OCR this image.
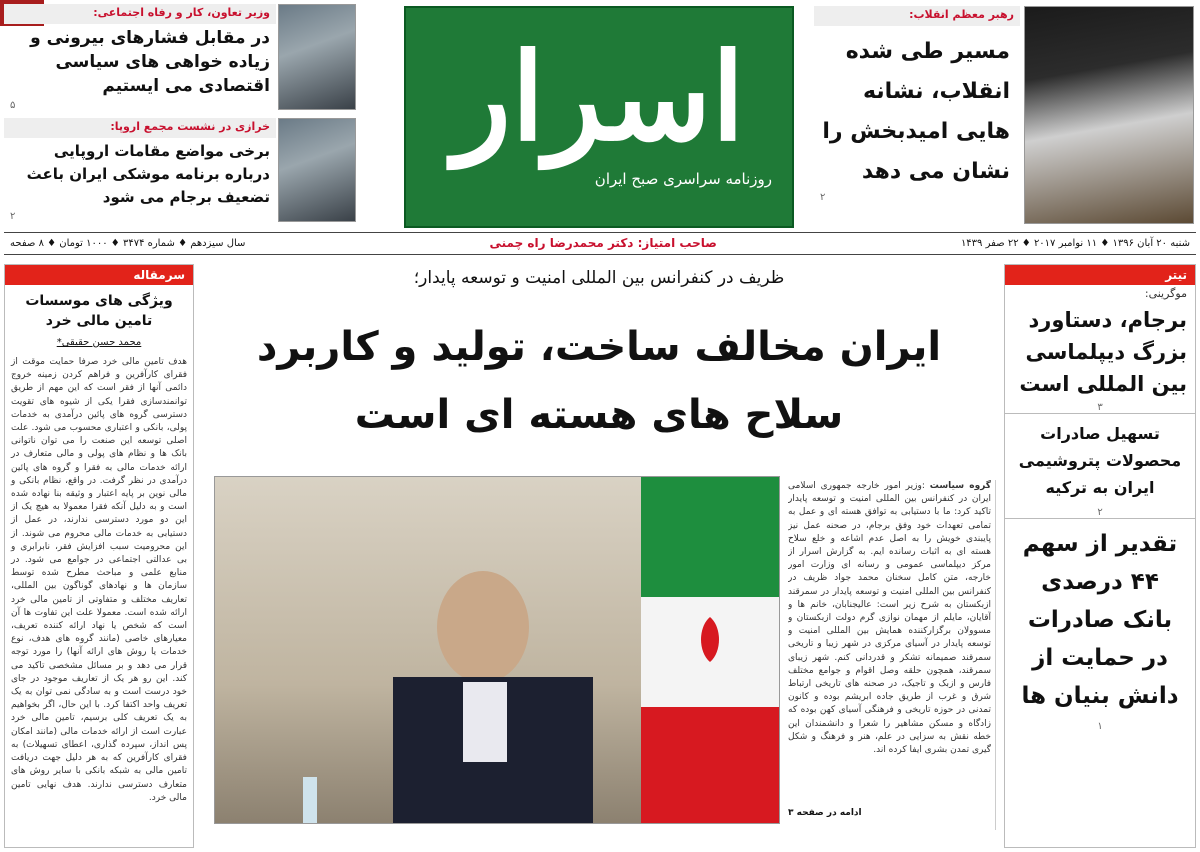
وزیر تعاون، کار و رفاه اجتماعی:
در مقابل فشارهای بیرونی و زیاده خواهی های سیاسی اقتصادی می ایستیم
۵
خرازی در نشست مجمع اروپا:
برخی مواضع مقامات اروپایی درباره برنامه موشکی ایران باعث تضعیف برجام می شود
۲
اسرار
روزنامه سراسری صبح ایران
رهبر معظم انقلاب:
مسیر طی شده انقلاب، نشانه هایی امیدبخش را نشان می دهد
۲
شنبه ۲۰ آبان ۱۳۹۶ ♦ ۱۱ نوامبر ۲۰۱۷ ♦ ۲۲ صفر ۱۴۳۹
صاحب امتیاز: دکتر محمدرضا راه چمنی
سال سیزدهم ♦ شماره ۳۴۷۴ ♦ ۱۰۰۰ تومان ♦ ۸ صفحه
تیتر
موگرینی:
برجام، دستاورد بزرگ دیپلماسی بین المللی است
۳
تسهیل صادرات محصولات پتروشیمی ایران به ترکیه
۲
تقدیر از سهم ۴۴ درصدی بانک صادرات در حمایت از دانش بنیان ها
۱
سرمقاله
ویژگی های موسسات تامین مالی خرد
محمد حسن حقیقی*
هدف تامین مالی خرد صرفا حمایت موقت از فقرای کارآفرین و فراهم کردن زمینه خروج دائمی آنها از فقر است که این مهم از طریق توانمندسازی فقرا یکی از شیوه های تقویت دسترسی گروه های پائین درآمدی به خدمات پولی، بانکی و اعتباری محسوب می شود. علت اصلی توسعه این صنعت را می توان ناتوانی بانک ها و نظام های پولی و مالی متعارف در ارائه خدمات مالی به فقرا و گروه های پائین درآمدی در نظر گرفت. در واقع، نظام بانکی و مالی نوین بر پایه اعتبار و وثیقه بنا نهاده شده است و به دلیل آنکه فقرا معمولا به هیچ یک از این دو مورد دسترسی ندارند، در عمل از دستیابی به خدمات مالی محروم می شوند. از این محرومیت سبب افزایش فقر، نابرابری و بی عدالتی اجتماعی در جوامع می شود. در منابع علمی و مباحث مطرح شده توسط سازمان ها و نهادهای گوناگون بین المللی، تعاریف مختلف و متفاوتی از تامین مالی خرد ارائه شده است. معمولا علت این تفاوت ها آن است که شخص یا نهاد ارائه کننده تعریف، معیارهای خاصی (مانند گروه های هدف، نوع خدمات یا روش های ارائه آنها) را مورد توجه قرار می دهد و بر مسائل مشخصی تاکید می کند. این رو هر یک از تعاریف موجود در جای خود درست است و به سادگی نمی توان به یک تعریف واحد اکتفا کرد. با این حال، اگر بخواهیم به یک تعریف کلی برسیم، تامین مالی خرد عبارت است از ارائه خدمات مالی (مانند امکان پس انداز، سپرده گذاری، اعطای تسهیلات) به فقرای کارآفرین که به هر دلیل جهت دریافت تامین مالی به شبکه بانکی با سایر روش های متعارف دسترسی ندارند. هدف نهایی تامین مالی خرد.
ظریف در کنفرانس بین المللی امنیت و توسعه پایدار؛
ایران مخالف ساخت، تولید و کاربرد
سلاح های هسته ای است
گروه سیاست :وزیر امور خارجه جمهوری اسلامی ایران در کنفرانس بین المللی امنیت و توسعه پایدار تاکید کرد: ما با دستیابی به توافق هسته ای و عمل به تمامی تعهدات خود وفق برجام، در صحنه عمل نیز پایبندی خویش را به اصل عدم اشاعه و خلع سلاح هسته ای به اثبات رسانده ایم. به گزارش اسرار از مرکز دیپلماسی عمومی و رسانه ای وزارت امور خارجه، متن کامل سخنان محمد جواد ظریف در کنفرانس بین المللی امنیت و توسعه پایدار در سمرقند ازبکستان به شرح زیر است: عالیجنابان، خانم ها و آقایان، مایلم از مهمان نوازی گرم دولت ازبکستان و مسوولان برگزارکننده همایش بین المللی امنیت و توسعه پایدار در آسیای مرکزی در شهر زیبا و تاریخی سمرقند صمیمانه تشکر و قدردانی کنم. شهر زیبای سمرقند، همچون حلقه وصل اقوام و جوامع مختلف فارس و ازبک و تاجیک، در صحنه های تاریخی ارتباط شرق و غرب از طریق جاده ابریشم بوده و کانون تمدنی در حوزه تاریخی و فرهنگی آسیای کهن بوده که زادگاه و مسکن مشاهیر را شعرا و دانشمندان این خطه نقش به سزایی در علم، هنر و فرهنگ و شکل گیری تمدن بشری ایفا کرده اند.
ادامه در صفحه ۳
